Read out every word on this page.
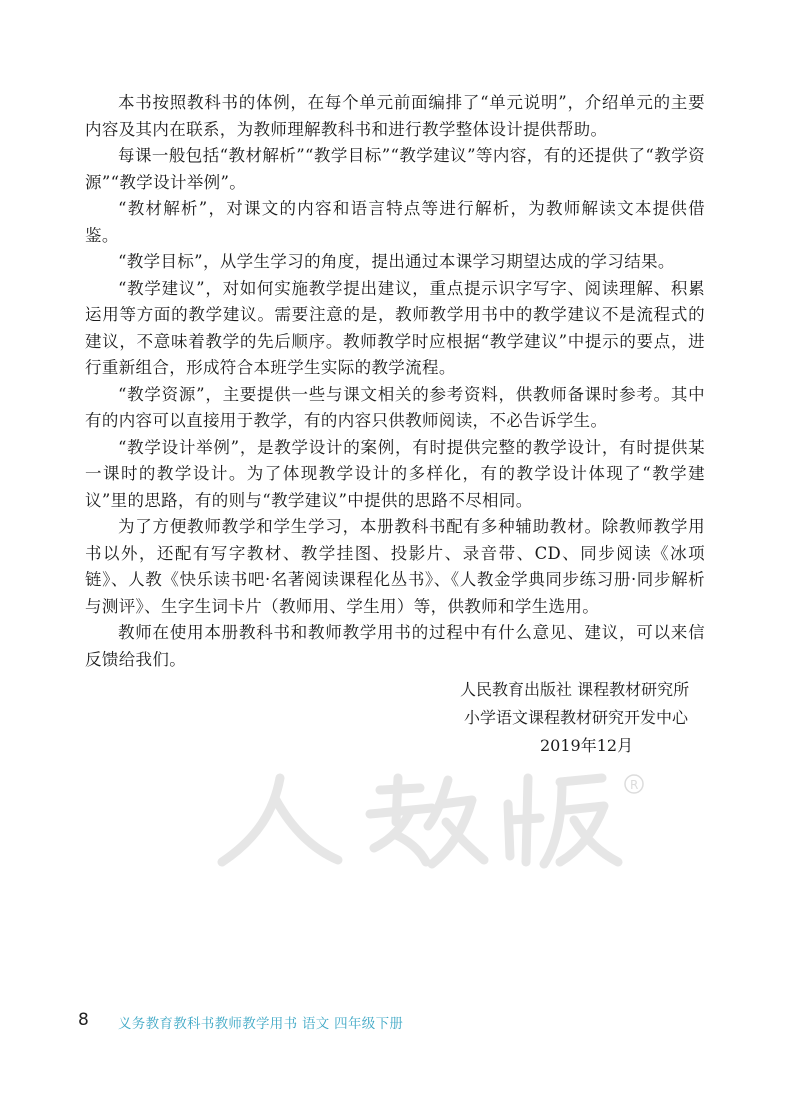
本书按照教科书的体例，在每个单元前面编排了“单元说明”，介绍单元的主要内容及其内在联系，为教师理解教科书和进行教学整体设计提供帮助。

每课一般包括“教材解析”“教学目标”“教学建议”等内容，有的还提供了“教学资源”“教学设计举例”。

“教材解析”，对课文的内容和语言特点等进行解析，为教师解读文本提供借鉴。

“教学目标”，从学生学习的角度，提出通过本课学习期望达成的学习结果。

“教学建议”，对如何实施教学提出建议，重点提示识字写字、阅读理解、积累运用等方面的教学建议。需要注意的是，教师教学用书中的教学建议不是流程式的建议，不意味着教学的先后顺序。教师教学时应根据“教学建议”中提示的要点，进行重新组合，形成符合本班学生实际的教学流程。

“教学资源”，主要提供一些与课文相关的参考资料，供教师备课时参考。其中有的内容可以直接用于教学，有的内容只供教师阅读，不必告诉学生。

“教学设计举例”，是教学设计的案例，有时提供完整的教学设计，有时提供某一课时的教学设计。为了体现教学设计的多样化，有的教学设计体现了“教学建议”里的思路，有的则与“教学建议”中提供的思路不尽相同。

为了方便教师教学和学生学习，本册教科书配有多种辅助教材。除教师教学用书以外，还配有写字教材、教学挂图、投影片、录音带、CD、同步阅读《冰项链》、人教《快乐读书吧·名著阅读课程化丛书》、《人教金学典同步练习册·同步解析与测评》、生字生词卡片（教师用、学生用）等，供教师和学生选用。

教师在使用本册教科书和教师教学用书的过程中有什么意见、建议，可以来信反馈给我们。

R
人民教育出版社 课程教材研究所
小学语文课程教材研究开发中心
2019年12月
8 义务教育教科书教师教学用书 语文 四年级下册
